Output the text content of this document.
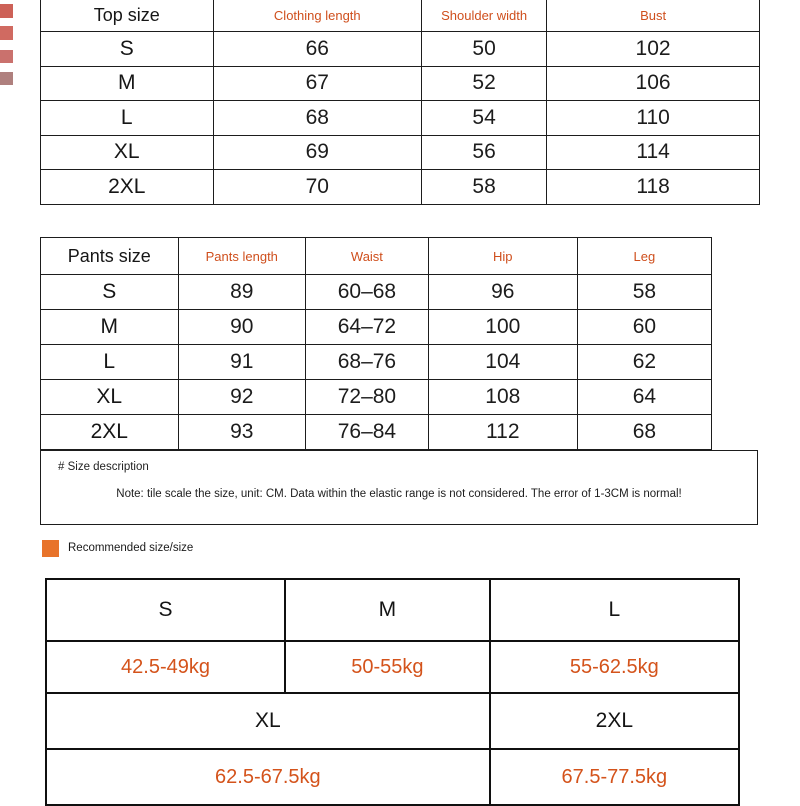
Top size	Clothing length	Shoulder width	Bust
S	66	50	102
M	67	52	106
L	68	54	110
XL	69	56	114
2XL	70	58	118
Pants size	Pants length	Waist	Hip	Leg
S	89	60–68	96	58
M	90	64–72	100	60
L	91	68–76	104	62
XL	92	72–80	108	64
2XL	93	76–84	112	68
# Size description
Note: tile scale the size, unit: CM. Data within the elastic range is not considered. The error of 1-3CM is normal!
Recommended size/size
S	M	L
42.5-49kg	50-55kg	55-62.5kg
XL		2XL
62.5-67.5kg		67.5-77.5kg
